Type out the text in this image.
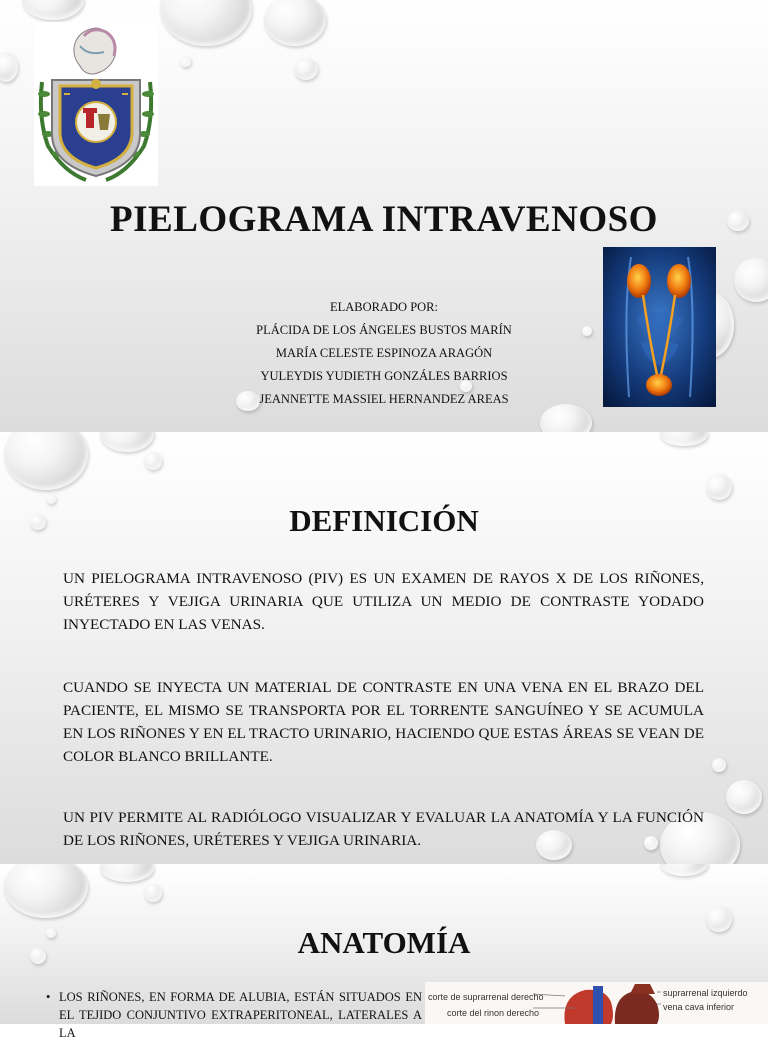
PIELOGRAMA INTRAVENOSO
ELABORADO POR:
PLÁCIDA DE LOS ÁNGELES BUSTOS MARÍN
MARÍA CELESTE ESPINOZA ARAGÓN
YULEYDIS YUDIETH GONZÁLES BARRIOS
JEANNETTE MASSIEL HERNANDEZ AREAS
DEFINICIÓN

UN PIELOGRAMA INTRAVENOSO (PIV) ES UN EXAMEN DE RAYOS X DE LOS RIÑONES, URÉTERES Y VEJIGA URINARIA QUE UTILIZA UN MEDIO DE CONTRASTE YODADO INYECTADO EN LAS VENAS.

CUANDO SE INYECTA UN MATERIAL DE CONTRASTE EN UNA VENA EN EL BRAZO DEL PACIENTE, EL MISMO SE TRANSPORTA POR EL TORRENTE SANGUÍNEO Y SE ACUMULA EN LOS RIÑONES Y EN EL TRACTO URINARIO, HACIENDO QUE ESTAS ÁREAS SE VEAN DE COLOR BLANCO BRILLANTE.

UN PIV PERMITE AL RADIÓLOGO VISUALIZAR Y EVALUAR LA ANATOMÍA Y LA FUNCIÓN DE LOS RIÑONES, URÉTERES Y VEJIGA URINARIA.

ANATOMÍA

• LOS RIÑONES, EN FORMA DE ALUBIA, ESTÁN SITUADOS EN EL TEJIDO CONJUNTIVO EXTRAPERITONEAL, LATERALES A LA

corte de suprarrenal derecho
corte del rinon derecho
suprarrenal izquierdo
vena cava inferior
